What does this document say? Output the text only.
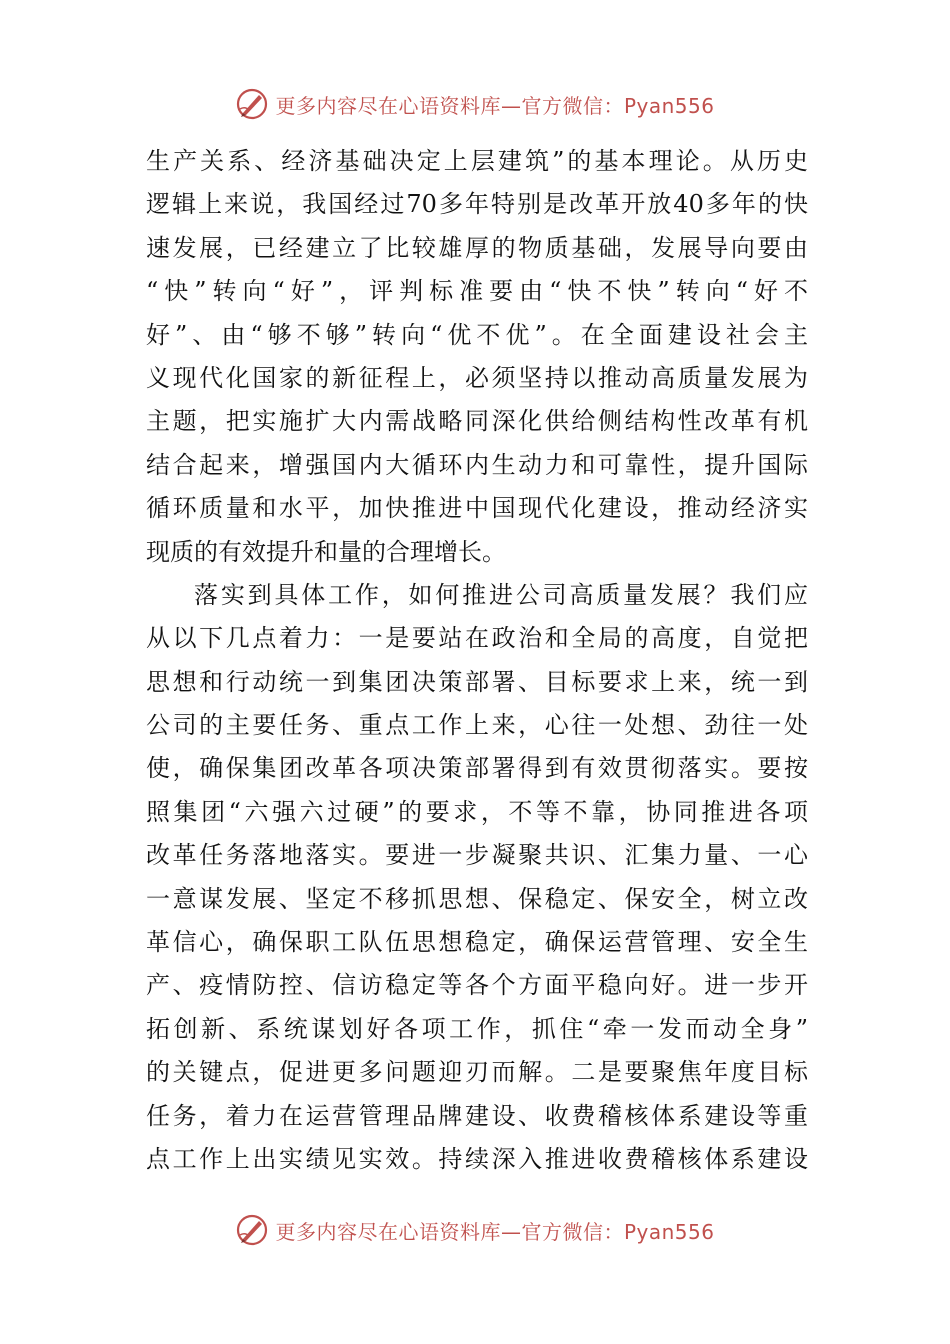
更多内容尽在心语资料库—官方微信：Pyan556
生产关系、经济基础决定上层建筑”的基本理论。从历史
逻辑上来说，我国经过70多年特别是改革开放40多年的快
速发展，已经建立了比较雄厚的物质基础，发展导向要由
“快”转向“好”，评判标准要由“快不快”转向“好不
好”、由“够不够”转向“优不优”。在全面建设社会主
义现代化国家的新征程上，必须坚持以推动高质量发展为
主题，把实施扩大内需战略同深化供给侧结构性改革有机
结合起来，增强国内大循环内生动力和可靠性，提升国际
循环质量和水平，加快推进中国现代化建设，推动经济实
现质的有效提升和量的合理增长。
落实到具体工作，如何推进公司高质量发展？我们应
从以下几点着力：一是要站在政治和全局的高度，自觉把
思想和行动统一到集团决策部署、目标要求上来，统一到
公司的主要任务、重点工作上来，心往一处想、劲往一处
使，确保集团改革各项决策部署得到有效贯彻落实。要按
照集团“六强六过硬”的要求，不等不靠，协同推进各项
改革任务落地落实。要进一步凝聚共识、汇集力量、一心
一意谋发展、坚定不移抓思想、保稳定、保安全，树立改
革信心，确保职工队伍思想稳定，确保运营管理、安全生
产、疫情防控、信访稳定等各个方面平稳向好。进一步开
拓创新、系统谋划好各项工作，抓住“牵一发而动全身”
的关键点，促进更多问题迎刃而解。二是要聚焦年度目标
任务，着力在运营管理品牌建设、收费稽核体系建设等重
点工作上出实绩见实效。持续深入推进收费稽核体系建设
更多内容尽在心语资料库—官方微信：Pyan556
